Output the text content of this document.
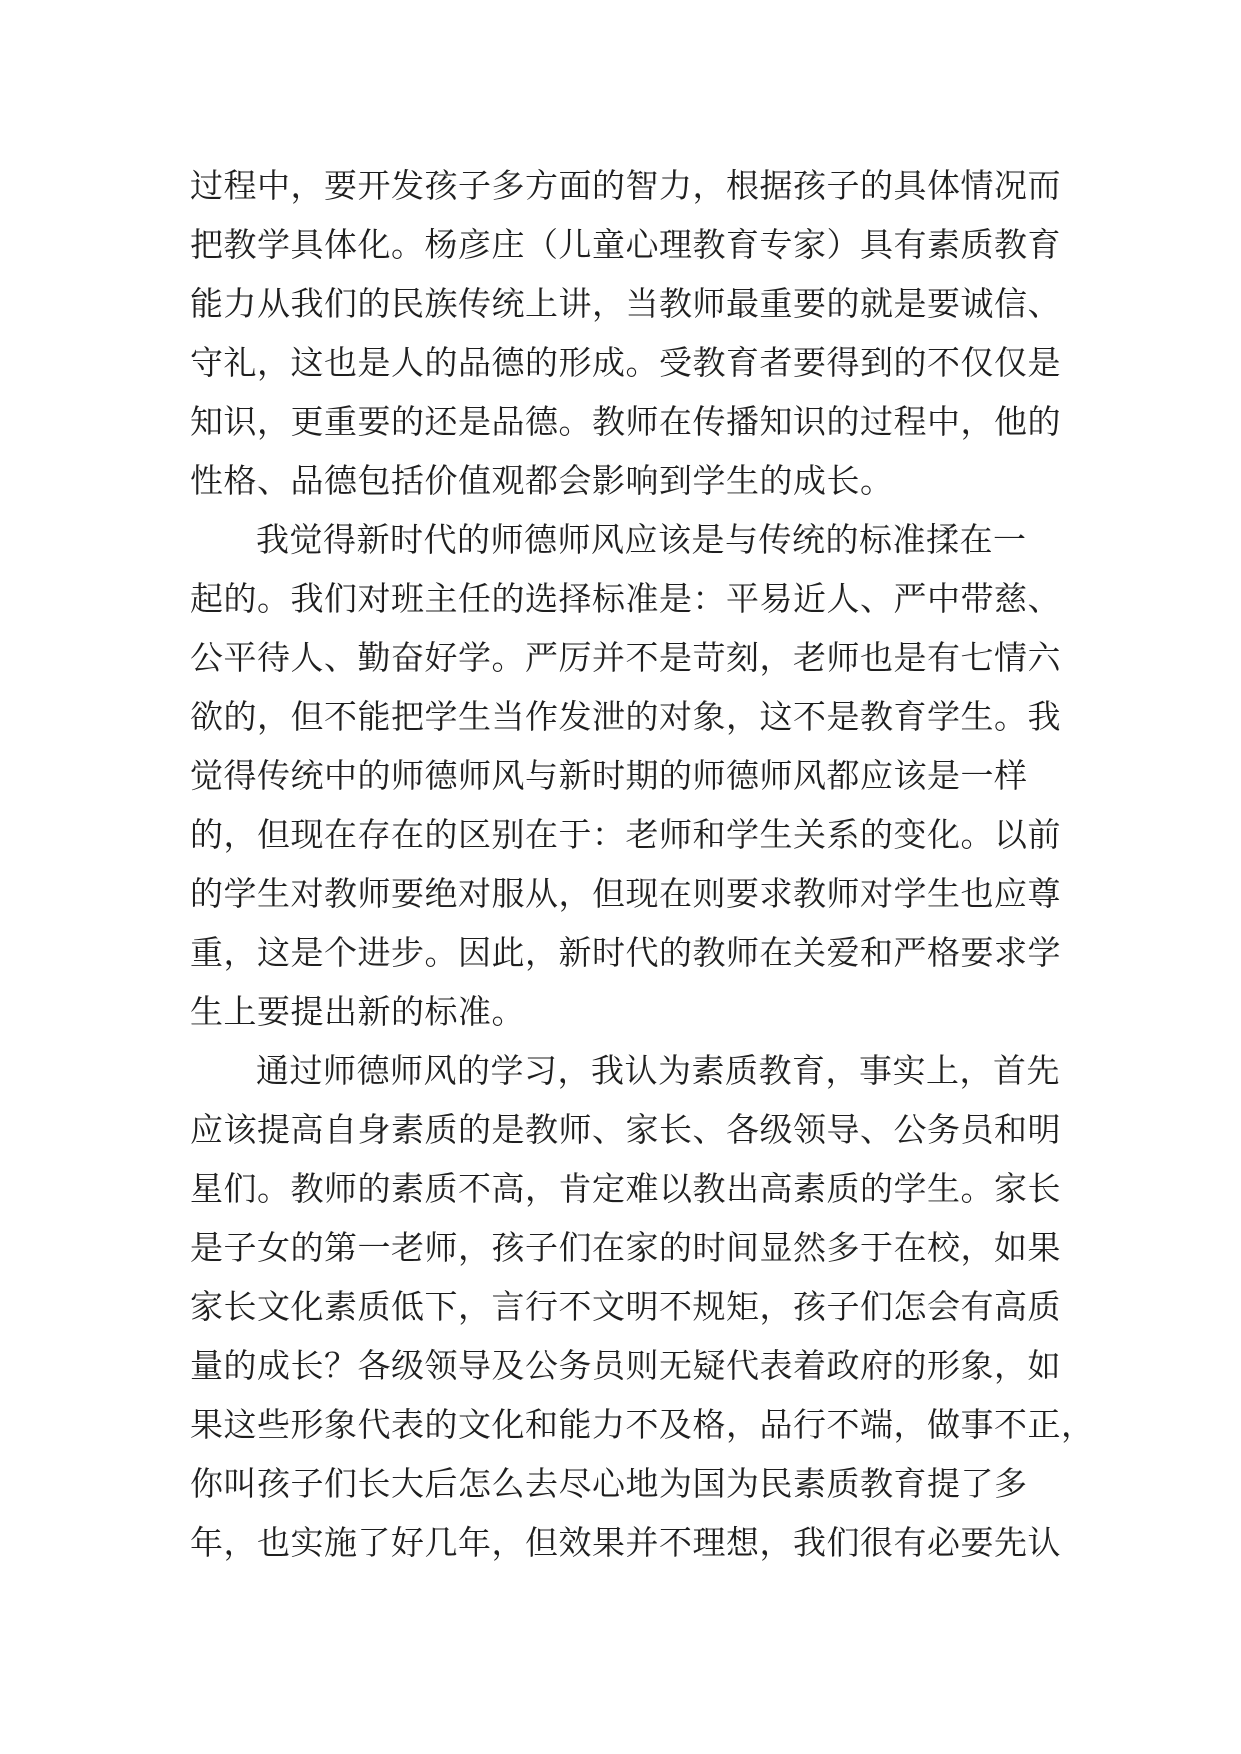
过程中，要开发孩子多方面的智力，根据孩子的具体情况而
把教学具体化。杨彦庄（儿童心理教育专家）具有素质教育
能力从我们的民族传统上讲，当教师最重要的就是要诚信、
守礼，这也是人的品德的形成。受教育者要得到的不仅仅是
知识，更重要的还是品德。教师在传播知识的过程中，他的
性格、品德包括价值观都会影响到学生的成长。
我觉得新时代的师德师风应该是与传统的标准揉在一
起的。我们对班主任的选择标准是：平易近人、严中带慈、
公平待人、勤奋好学。严厉并不是苛刻，老师也是有七情六
欲的，但不能把学生当作发泄的对象，这不是教育学生。我
觉得传统中的师德师风与新时期的师德师风都应该是一样
的，但现在存在的区别在于：老师和学生关系的变化。以前
的学生对教师要绝对服从，但现在则要求教师对学生也应尊
重，这是个进步。因此，新时代的教师在关爱和严格要求学
生上要提出新的标准。
通过师德师风的学习，我认为素质教育，事实上，首先
应该提高自身素质的是教师、家长、各级领导、公务员和明
星们。教师的素质不高，肯定难以教出高素质的学生。家长
是子女的第一老师，孩子们在家的时间显然多于在校，如果
家长文化素质低下，言行不文明不规矩，孩子们怎会有高质
量的成长？各级领导及公务员则无疑代表着政府的形象，如
果这些形象代表的文化和能力不及格，品行不端，做事不正，
你叫孩子们长大后怎么去尽心地为国为民素质教育提了多
年，也实施了好几年，但效果并不理想，我们很有必要先认
